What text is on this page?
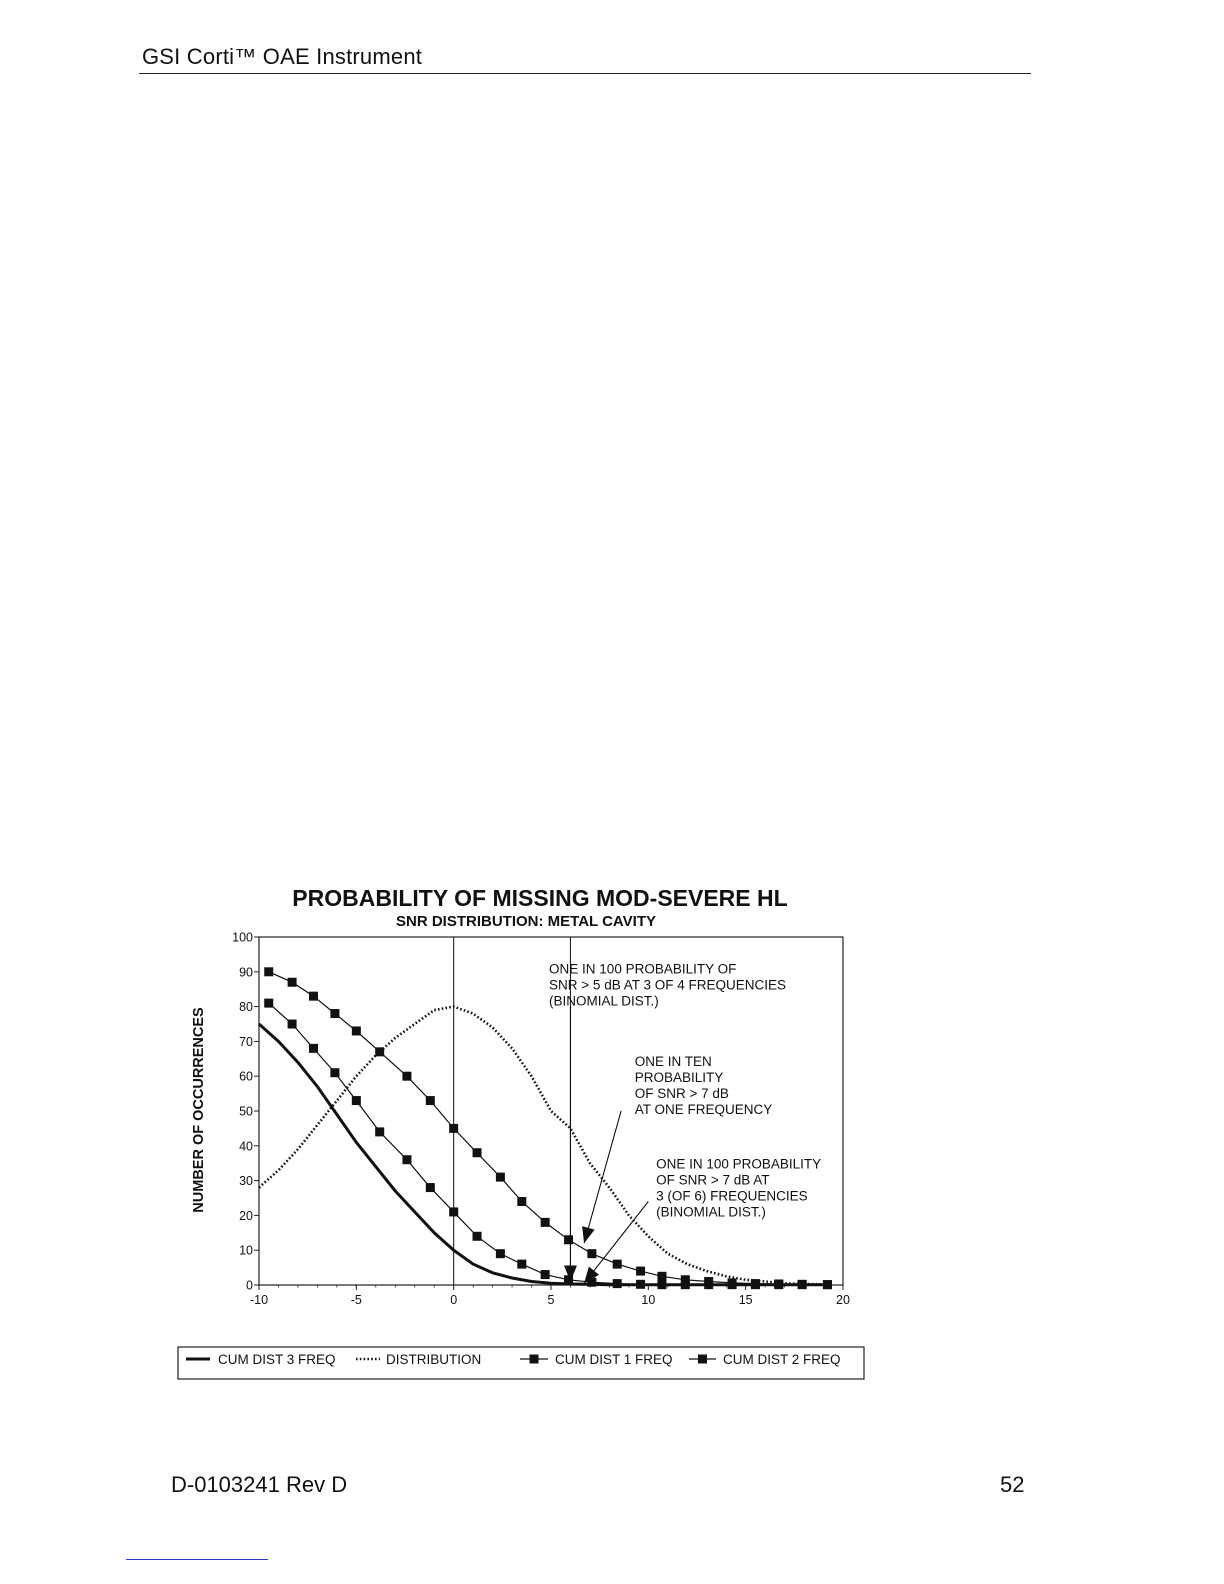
GSI Corti™ OAE Instrument
PROBABILITY OF MISSING MOD-SEVERE HL
SNR DISTRIBUTION: METAL CAVITY
NUMBER OF OCCURRENCES
0
10
20
30
40
50
60
70
80
90
100
-10	-5	0	5	10	15	20
ONE IN 100 PROBABILITY OF
SNR > 5 dB AT 3 OF 4 FREQUENCIES
(BINOMIAL DIST.)
ONE IN TEN
PROBABILITY
OF SNR > 7 dB
AT ONE FREQUENCY
ONE IN 100 PROBABILITY
OF SNR > 7 dB AT
3 (OF 6) FREQUENCIES
(BINOMIAL DIST.)
CUM DIST 3 FREQ	DISTRIBUTION	CUM DIST 1 FREQ	CUM DIST 2 FREQ
D-0103241 Rev D	52
